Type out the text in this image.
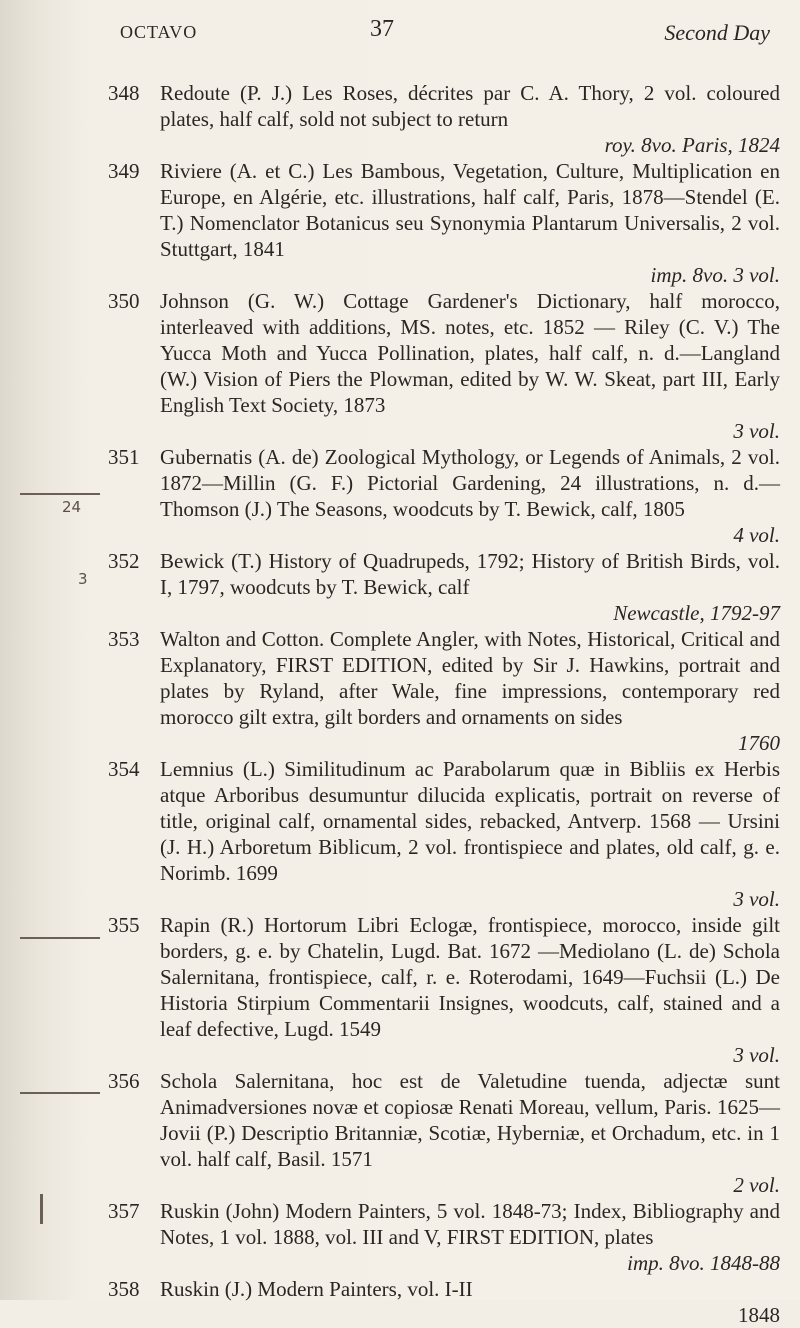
OCTAVO	37	Second Day
24
348 Redoute (P. J.) Les Roses, décrites par C. A. Thory, 2 vol. coloured plates, half calf, sold not subject to return
roy. 8vo. Paris, 1824
349 Riviere (A. et C.) Les Bambous, Vegetation, Culture, Multiplication en Europe, en Algérie, etc. illustrations, half calf, Paris, 1878—Stendel (E. T.) Nomenclator Botanicus seu Synonymia Plantarum Universalis, 2 vol. Stuttgart, 1841
imp. 8vo. 3 vol.
350 Johnson (G. W.) Cottage Gardener's Dictionary, half morocco, interleaved with additions, MS. notes, etc. 1852 — Riley (C. V.) The Yucca Moth and Yucca Pollination, plates, half calf, n. d.—Langland (W.) Vision of Piers the Plowman, edited by W. W. Skeat, part III, Early English Text Society, 1873
3 vol.
351 Gubernatis (A. de) Zoological Mythology, or Legends of Animals, 2 vol. 1872—Millin (G. F.) Pictorial Gardening, 24 illustrations, n. d.—Thomson (J.) The Seasons, woodcuts by T. Bewick, calf, 1805
4 vol.
352 Bewick (T.) History of Quadrupeds, 1792; History of British Birds, vol. I, 1797, woodcuts by T. Bewick, calf
Newcastle, 1792-97
353 Walton and Cotton. Complete Angler, with Notes, Historical, Critical and Explanatory, FIRST EDITION, edited by Sir J. Hawkins, portrait and plates by Ryland, after Wale, fine impressions, contemporary red morocco gilt extra, gilt borders and ornaments on sides
1760
354 Lemnius (L.) Similitudinum ac Parabolarum quæ in Bibliis ex Herbis atque Arboribus desumuntur dilucida explicatis, portrait on reverse of title, original calf, ornamental sides, rebacked, Antverp. 1568 — Ursini (J. H.) Arboretum Biblicum, 2 vol. frontispiece and plates, old calf, g. e. Norimb. 1699
3 vol.
355 Rapin (R.) Hortorum Libri Eclogæ, frontispiece, morocco, inside gilt borders, g. e. by Chatelin, Lugd. Bat. 1672 —Mediolano (L. de) Schola Salernitana, frontispiece, calf, r. e. Roterodami, 1649—Fuchsii (L.) De Historia Stirpium Commentarii Insignes, woodcuts, calf, stained and a leaf defective, Lugd. 1549
3 vol.
356 Schola Salernitana, hoc est de Valetudine tuenda, adjectæ sunt Animadversiones novæ et copiosæ Renati Moreau, vellum, Paris. 1625—Jovii (P.) Descriptio Britanniæ, Scotiæ, Hyberniæ, et Orchadum, etc. in 1 vol. half calf, Basil. 1571
2 vol.
357 Ruskin (John) Modern Painters, 5 vol. 1848-73; Index, Bibliography and Notes, 1 vol. 1888, vol. III and V, FIRST EDITION, plates
imp. 8vo. 1848-88
358 Ruskin (J.) Modern Painters, vol. I-II
1848
3
